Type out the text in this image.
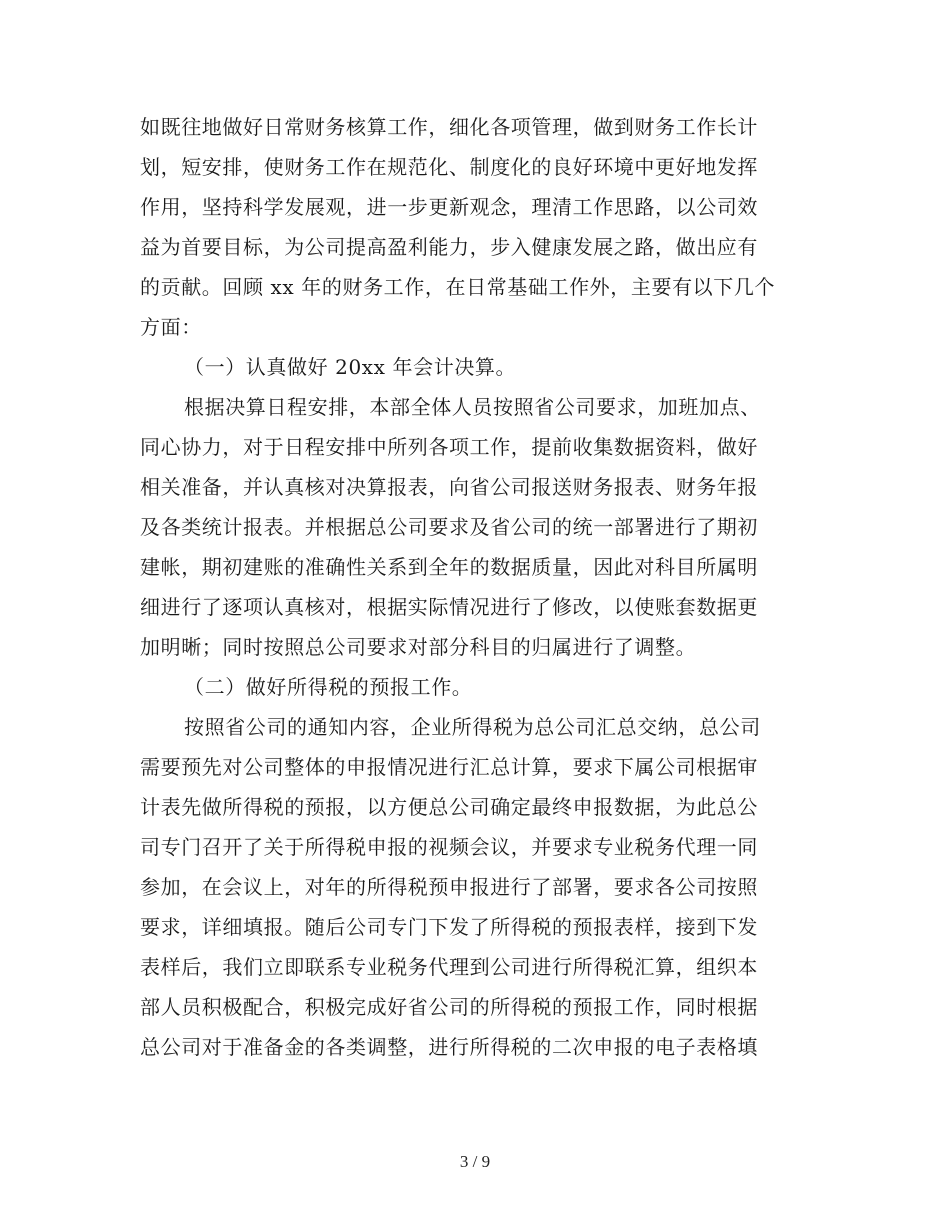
如既往地做好日常财务核算工作，细化各项管理，做到财务工作长计
划，短安排，使财务工作在规范化、制度化的良好环境中更好地发挥
作用，坚持科学发展观，进一步更新观念，理清工作思路，以公司效
益为首要目标，为公司提高盈利能力，步入健康发展之路，做出应有
的贡献。回顾 xx 年的财务工作，在日常基础工作外，主要有以下几个
方面：
（一）认真做好 20xx 年会计决算。
根据决算日程安排，本部全体人员按照省公司要求，加班加点、
同心协力，对于日程安排中所列各项工作，提前收集数据资料，做好
相关准备，并认真核对决算报表，向省公司报送财务报表、财务年报
及各类统计报表。并根据总公司要求及省公司的统一部署进行了期初
建帐，期初建账的准确性关系到全年的数据质量，因此对科目所属明
细进行了逐项认真核对，根据实际情况进行了修改，以使账套数据更
加明晰；同时按照总公司要求对部分科目的归属进行了调整。
（二）做好所得税的预报工作。
按照省公司的通知内容，企业所得税为总公司汇总交纳，总公司
需要预先对公司整体的申报情况进行汇总计算，要求下属公司根据审
计表先做所得税的预报，以方便总公司确定最终申报数据，为此总公
司专门召开了关于所得税申报的视频会议，并要求专业税务代理一同
参加，在会议上，对年的所得税预申报进行了部署，要求各公司按照
要求，详细填报。随后公司专门下发了所得税的预报表样，接到下发
表样后，我们立即联系专业税务代理到公司进行所得税汇算，组织本
部人员积极配合，积极完成好省公司的所得税的预报工作，同时根据
总公司对于准备金的各类调整，进行所得税的二次申报的电子表格填
3 / 9
